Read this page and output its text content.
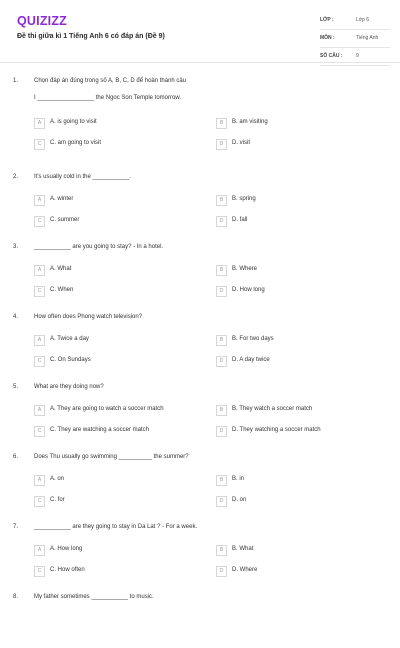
QUIZIZZ
Đề thi giữa kì 1 Tiếng Anh 6 có đáp án (Đề 9)
LỚP :	Lớp 6
MÔN :	Tiếng Anh
SỐ CÂU :	9
1.	Chọn đáp án đúng trong số A, B, C, D để hoàn thành câu
I _________________ the Ngoc Son Temple tomorrow.
A	A. is going to visit	B	B. am visiting
C	C. am going to visit	D	D. visit
2.	It's usually cold in the ___________.
A	A. winter	B	B. spring
C	C. summer	D	D. fall
3.	___________ are you going to stay? - In a hotel.
A	A. What	B	B. Where
C	C. When	D	D. How long
4.	How often does Phong watch television?
A	A. Twice a day	B	B. For two days
C	C. On Sundays	D	D. A day twice
5.	What are they doing now?
A	A. They are going to watch a soccer match	B	B. They watch a soccer match
C	C. They are watching a soccer match	D	D. They watching a soccer match
6.	Does Thu usually go swimming __________ the summer?
A	A. on	B	B. in
C	C. for	D	D. on
7.	___________ are they going to stay in Da Lat ? - For a week.
A	A. How long	B	B. What
C	C. How often	D	D. Where
8.	My father sometimes ___________ to music.
